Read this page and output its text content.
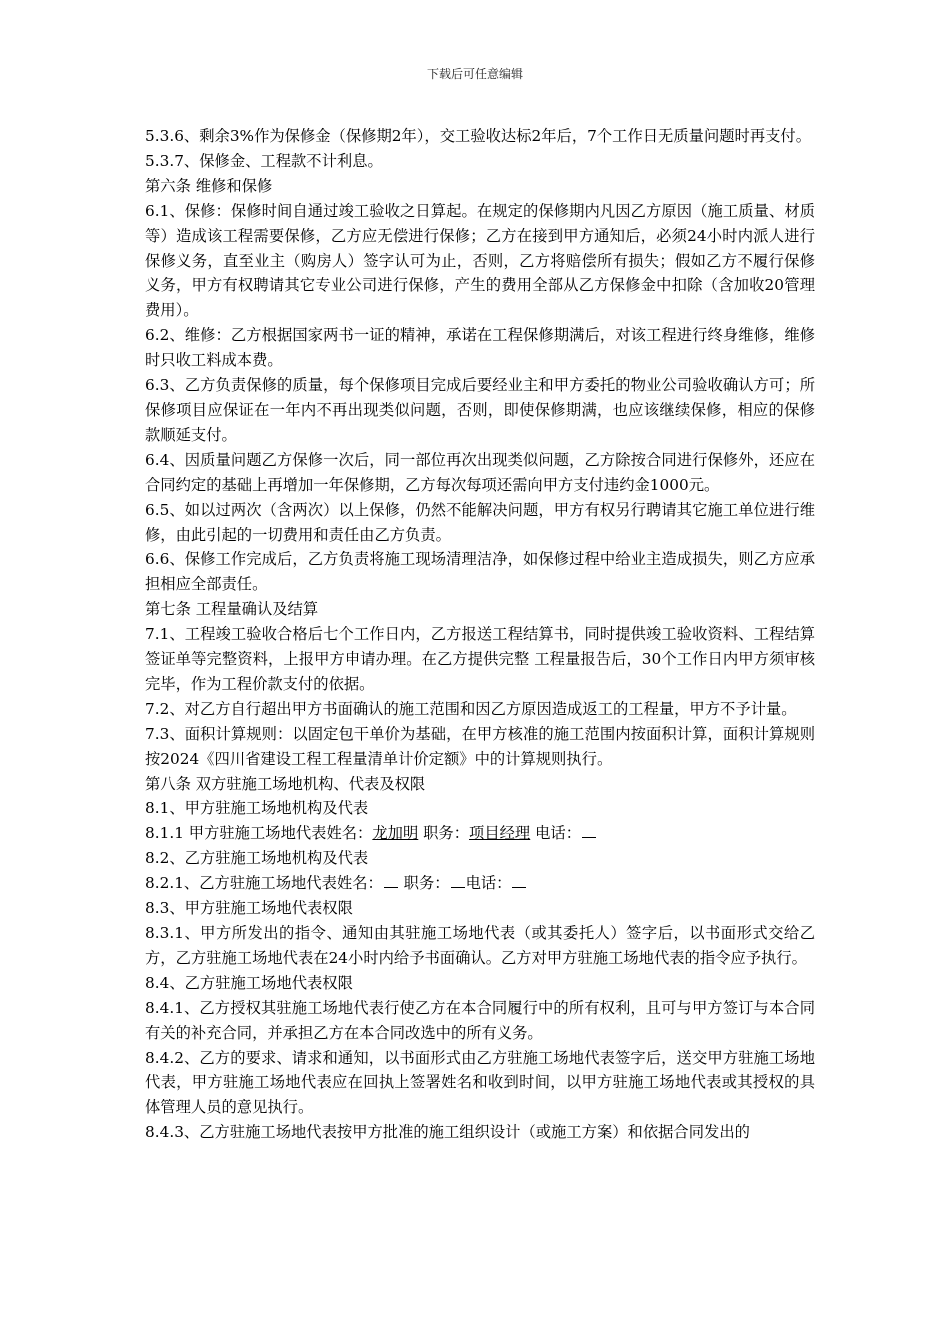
下载后可任意编辑

5.3.6、剩余3%作为保修金（保修期2年），交工验收达标2年后，7个工作日无质量问题时再支付。

5.3.7、保修金、工程款不计利息。

第六条 维修和保修

6.1、保修：保修时间自通过竣工验收之日算起。在规定的保修期内凡因乙方原因（施工质量、材质等）造成该工程需要保修，乙方应无偿进行保修；乙方在接到甲方通知后，必须24小时内派人进行保修义务，直至业主（购房人）签字认可为止，否则，乙方将赔偿所有损失；假如乙方不履行保修义务，甲方有权聘请其它专业公司进行保修，产生的费用全部从乙方保修金中扣除（含加收20管理费用）。

6.2、维修：乙方根据国家两书一证的精神，承诺在工程保修期满后，对该工程进行终身维修，维修时只收工料成本费。

6.3、乙方负责保修的质量，每个保修项目完成后要经业主和甲方委托的物业公司验收确认方可；所保修项目应保证在一年内不再出现类似问题，否则，即使保修期满，也应该继续保修，相应的保修款顺延支付。

6.4、因质量问题乙方保修一次后，同一部位再次出现类似问题，乙方除按合同进行保修外，还应在合同约定的基础上再增加一年保修期，乙方每次每项还需向甲方支付违约金1000元。

6.5、如以过两次（含两次）以上保修，仍然不能解决问题，甲方有权另行聘请其它施工单位进行维修，由此引起的一切费用和责任由乙方负责。

6.6、保修工作完成后，乙方负责将施工现场清理洁净，如保修过程中给业主造成损失，则乙方应承担相应全部责任。

第七条 工程量确认及结算

7.1、工程竣工验收合格后七个工作日内，乙方报送工程结算书，同时提供竣工验收资料、工程结算签证单等完整资料，上报甲方申请办理。在乙方提供完整 工程量报告后，30个工作日内甲方须审核完毕，作为工程价款支付的依据。

7.2、对乙方自行超出甲方书面确认的施工范围和因乙方原因造成返工的工程量，甲方不予计量。

7.3、面积计算规则：以固定包干单价为基础，在甲方核准的施工范围内按面积计算，面积计算规则按2024《四川省建设工程工程量清单计价定额》中的计算规则执行。

第八条 双方驻施工场地机构、代表及权限

8.1、甲方驻施工场地机构及代表

8.1.1 甲方驻施工场地代表姓名：龙加明 职务：项目经理 电话：

8.2、乙方驻施工场地机构及代表

8.2.1、乙方驻施工场地代表姓名： 职务： 电话：

8.3、甲方驻施工场地代表权限

8.3.1、甲方所发出的指令、通知由其驻施工场地代表（或其委托人）签字后，以书面形式交给乙方，乙方驻施工场地代表在24小时内给予书面确认。乙方对甲方驻施工场地代表的指令应予执行。

8.4、乙方驻施工场地代表权限

8.4.1、乙方授权其驻施工场地代表行使乙方在本合同履行中的所有权利，且可与甲方签订与本合同有关的补充合同，并承担乙方在本合同改选中的所有义务。

8.4.2、乙方的要求、请求和通知，以书面形式由乙方驻施工场地代表签字后，送交甲方驻施工场地代表，甲方驻施工场地代表应在回执上签署姓名和收到时间，以甲方驻施工场地代表或其授权的具体管理人员的意见执行。

8.4.3、乙方驻施工场地代表按甲方批准的施工组织设计（或施工方案）和依据合同发出的
